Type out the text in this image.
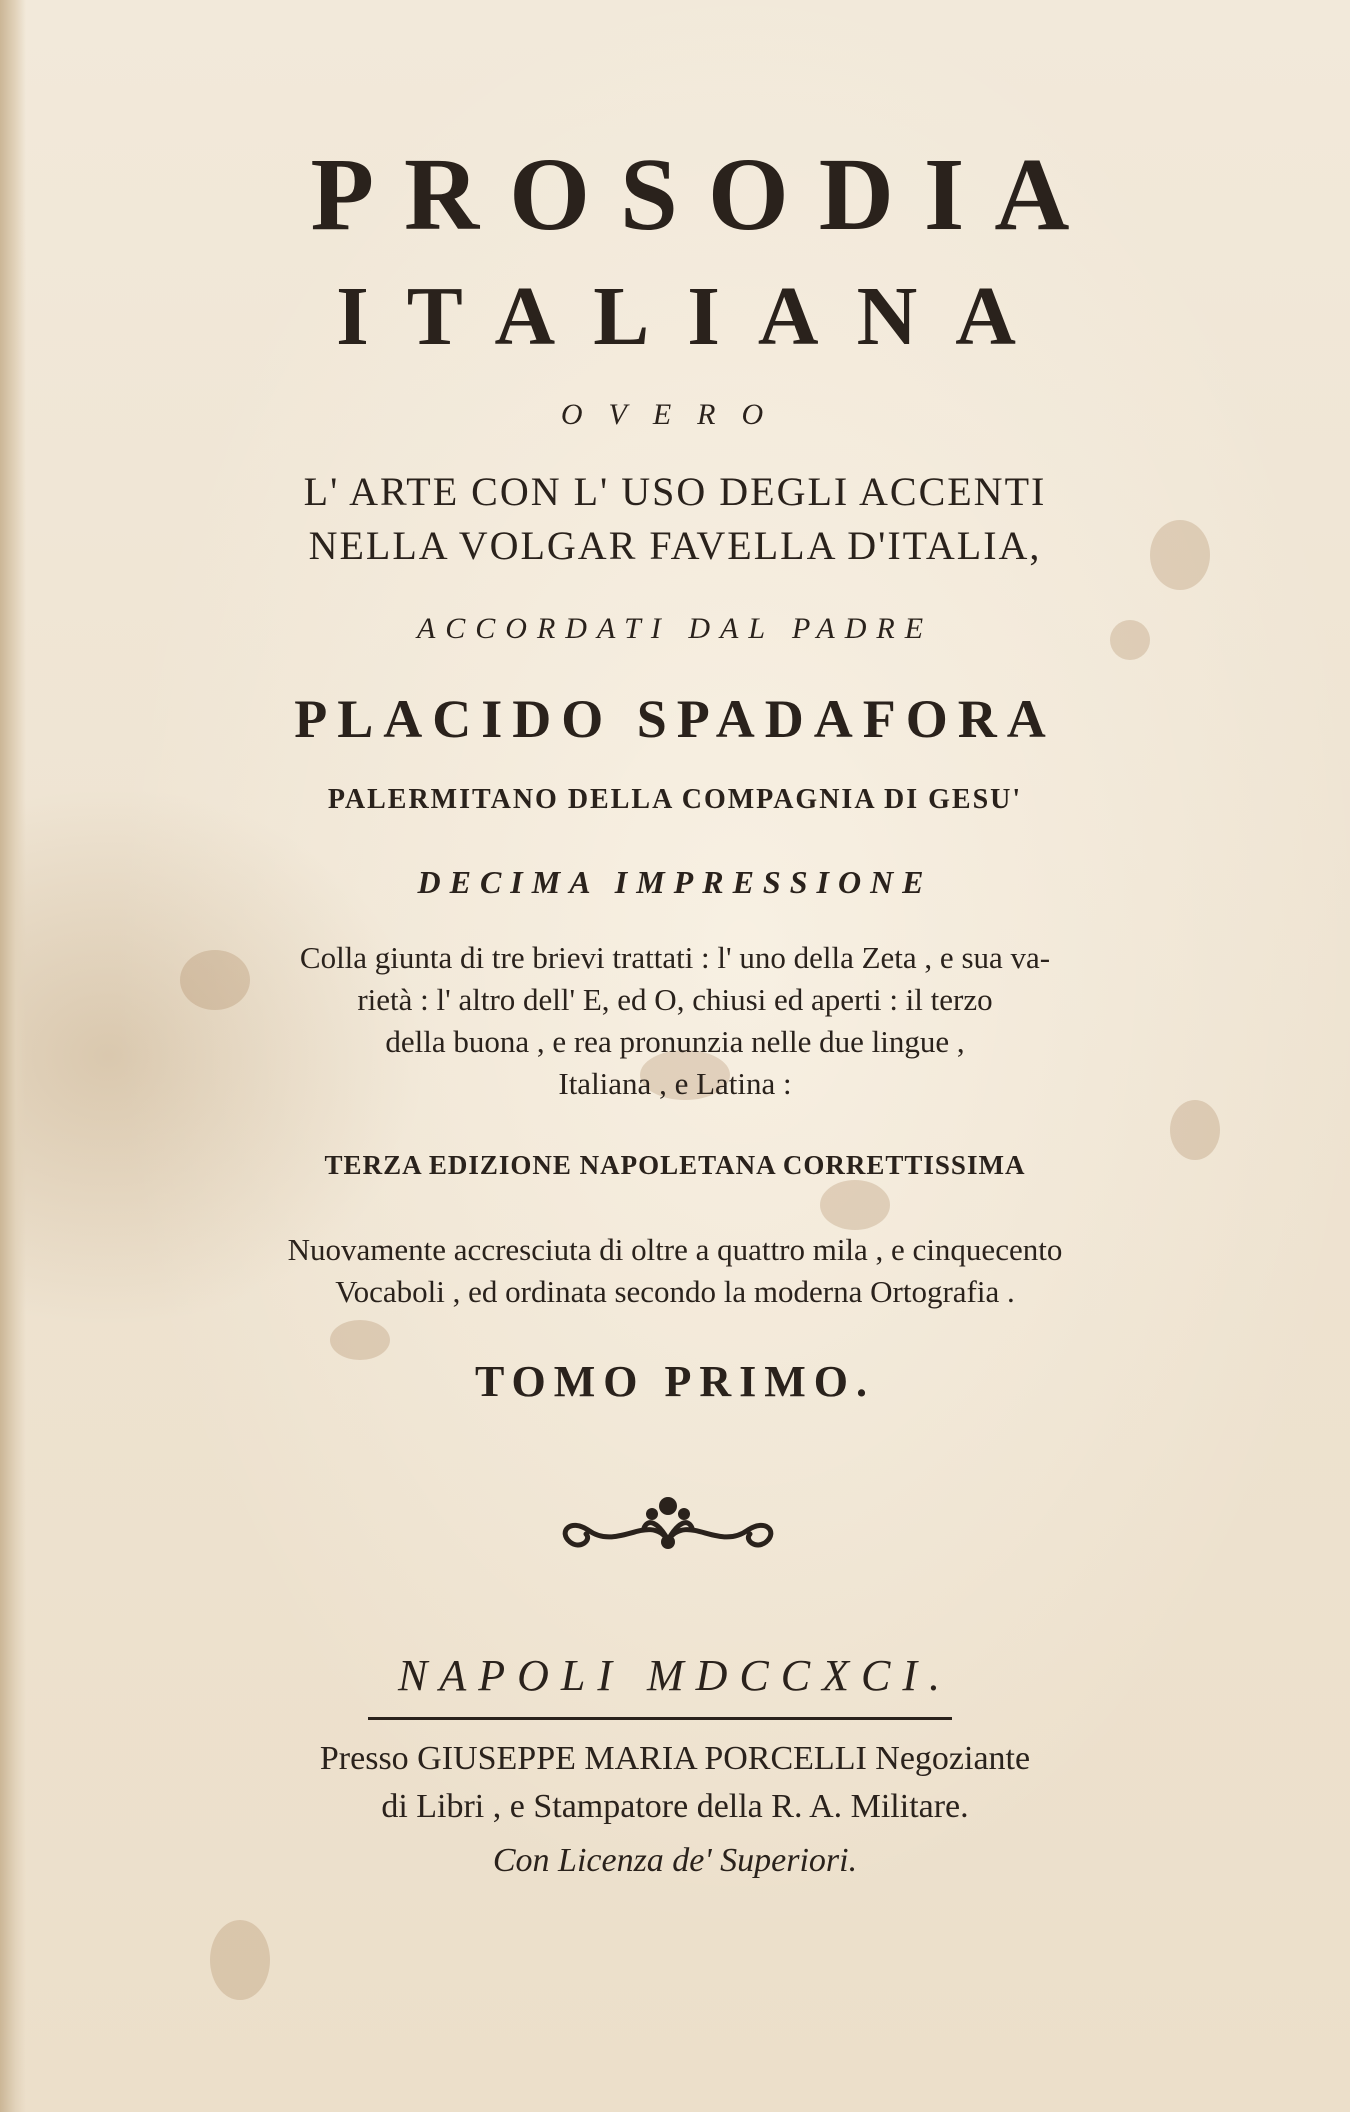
PROSODIA
ITALIANA
OVERO
L' ARTE CON L' USO DEGLI ACCENTI
NELLA VOLGAR FAVELLA D'ITALIA,
ACCORDATI DAL PADRE
PLACIDO SPADAFORA
PALERMITANO DELLA COMPAGNIA DI GESU'
DECIMA IMPRESSIONE
Colla giunta di tre brievi trattati : l' uno della Zeta , e sua va-
rietà : l' altro dell' E, ed O, chiusi ed aperti : il terzo
della buona , e rea pronunzia nelle due lingue ,
Italiana , e Latina :
TERZA EDIZIONE NAPOLETANA CORRETTISSIMA
Nuovamente accresciuta di oltre a quattro mila , e cinquecento
Vocaboli , ed ordinata secondo la moderna Ortografia .
TOMO PRIMO.
NAPOLI MDCCXCI.
Presso GIUSEPPE MARIA PORCELLI Negoziante
di Libri , e Stampatore della R. A. Militare.
Con Licenza de' Superiori.
